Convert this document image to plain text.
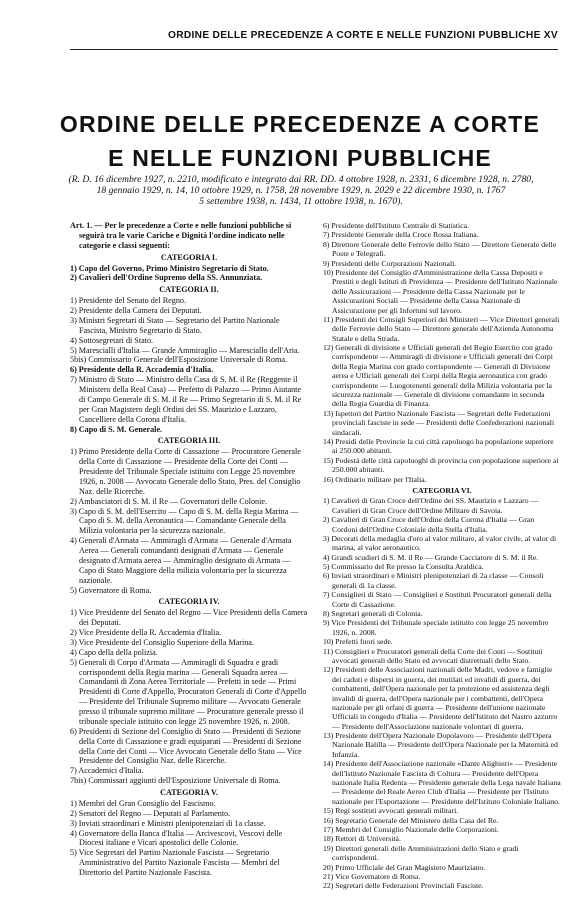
ORDINE DELLE PRECEDENZE A CORTE E NELLE FUNZIONI PUBBLICHE XV
ORDINE DELLE PRECEDENZE A CORTE
E NELLE FUNZIONI PUBBLICHE
(R. D. 16 dicembre 1927, n. 2210, modificato e integrato dai RR. DD. 4 ottobre 1928, n. 2331, 6 dicembre 1928, n. 2780,
18 gennaio 1929, n. 14, 10 ottobre 1929, n. 1758, 28 novembre 1929, n. 2029 e 22 dicembre 1930, n. 1767
5 settembre 1938, n. 1434, 11 ottobre 1938, n. 1670).
Art. 1. — Per le precedenze a Corte e nelle funzioni pubbliche si seguirà tra le varie Cariche e Dignità l'ordine indicato nelle categorie e classi seguenti:
CATEGORIA I.
1) Capo del Governo, Primo Ministro Segretario di Stato.
2) Cavalieri dell'Ordine Supremo della SS. Annunziata.
CATEGORIA II.
1) Presidente del Senato del Regno.
2) Presidente della Camera dei Deputati.
3) Ministri Segretari di Stato — Segretario del Partito Nazionale Fascista, Ministro Segretario di Stato.
4) Sottosegretari di Stato.
5) Marescialli d'Italia — Grande Ammiraglio — Maresciallo dell'Aria.
5bis) Commissario Generale dell'Esposizione Universale di Roma.
6) Presidente della R. Accademia d'Italia.
7) Ministro di Stato — Ministro della Casa di S. M. il Re (Reggente il Ministero della Real Casa) — Prefetto di Palazzo — Primo Aiutante di Campo Generale di S. M. il Re — Primo Segretario di S. M. il Re per Gran Magistero degli Ordini dei SS. Maurizio e Lazzaro, Cancelliere della Corona d'Italia.
8) Capo di S. M. Generale.
CATEGORIA III.
1) Primo Presidente della Corte di Cassazione — Procuratore Generale della Corte di Cassazione — Presidente della Corte dei Conti — Presidente del Tribunale Speciale istituito con Legge 25 novembre 1926, n. 2008 — Avvocato Generale dello Stato, Pres. del Consiglio Naz. delle Ricerche.
2) Ambasciatori di S. M. il Re — Governatori delle Colonie.
3) Capo di S. M. dell'Esercito — Capo di S. M. della Regia Marina — Capo di S. M. della Aeronautica — Comandante Generale della Milizia volontaria per la sicurezza nazionale.
4) Generali d'Armata — Ammiragli d'Armata — Generale d'Armata Aerea — Generali comandanti designati d'Armata — Generale designato d'Armata aerea — Ammiraglio designato di Armata — Capo di Stato Maggiore della milizia volontaria per la sicurezza nazionale.
5) Governatore di Roma.
CATEGORIA IV.
1) Vice Presidente del Senato del Regno — Vice Presidenti della Camera dei Deputati.
2) Vice Presidente della R. Accademia d'Italia.
3) Vice Presidente del Consiglio Superiore della Marina.
4) Capo della della polizia.
5) Generali di Corpo d'Armata — Ammiragli di Squadra e gradi corrispondenti della Regia marina — Generali Squadra aerea — Comandanti di Zona Aerea Territoriale — Prefetti in sede — Primi Presidenti di Corte d'Appello, Procuratori Generali di Corte d'Appello — Presidente del Tribunale Supremo militare — Avvocato Generale presso il tribunale supremo militare — Procuratore generale presso il tribunale speciale istituito con legge 25 novembre 1926, n. 2008.
6) Presidenti di Sezione del Consiglio di Stato — Presidenti di Sezione della Corte di Cassazione e gradi equiparati — Presidenti di Sezione della Corte dei Conti — Vice Avvocato Generale dello Stato — Vice Presidente del Consiglio Naz. delle Ricerche.
7) Accademici d'Italia.
7bis) Commissari aggiunti dell'Esposizione Universale di Roma.
CATEGORIA V.
1) Membri del Gran Consiglio del Fascismo.
2) Senatori del Regno — Deputati al Parlamento.
3) Inviati straordinari e Ministri plenipotenziari di 1a classe.
4) Governatore della Banca d'Italia — Arcivescovi, Vescovi delle Diocesi italiane e Vicari apostolici delle Colonie.
5) Vice Segretari del Partito Nazionale Fascista — Segretario Amministrativo del Partito Nazionale Fascista — Membri del Direttorio del Partito Nazionale Fascista.
6) Presidente dell'Istituto Centrale di Statistica.
7) Presidente Generale della Croce Rossa Italiana.
8) Direttore Generale delle Ferrovie dello Stato — Direttore Generale delle Poste e Telegrafi.
9) Presidenti delle Corporazioni Nazionali.
10) Presidente del Consiglio d'Amministrazione della Cassa Depositi e Prestiti e degli Istituti di Previdenza — Presidente dell'Istituto Nazionale delle Assicurazioni — Presidente della Cassa Nazionale per le Assicurazioni Sociali — Presidente della Cassa Nazionale di Assicurazione per gli Infortuni sul lavoro.
11) Presidenti dei Consigli Superiori dei Ministeri — Vice Direttori generali delle Ferrovie dello Stato — Direttore generale dell'Azienda Autonoma Statale e della Strada.
12) Generali di divisione e Ufficiali generali del Regio Esercito con grado corrispondente — Ammiragli di divisione e Ufficiali generali dei Corpi della Regia Marina con grado corrispondente — Generali di Divisione aerea e Ufficiali generali dei Corpi della Regia aeronautica con grado corrispondente — Luogotenenti generali della Milizia volontaria per la sicurezza nazionale — Generale di divisione comandante in seconda della Regia Guardia di Finanza.
13) Ispettori del Partito Nazionale Fascista — Segretari delle Federazioni provinciali fasciste in sede — Presidenti delle Confederazioni nazionali sindacali.
14) Presidi delle Provincie la cui città capoluogo ha popolazione superiore ai 250.000 abitanti.
15) Podestà delle città capoluoghi di provincia con popolazione superiore ai 250.000 abitanti.
16) Ordinario militare per l'Italia.
CATEGORIA VI.
1) Cavalieri di Gran Croce dell'Ordine dei SS. Maurizio e Lazzaro — Cavalieri di Gran Croce dell'Ordine Militare di Savoia.
2) Cavalieri di Gran Croce dell'Ordine della Corona d'Italia — Gran Cordoni dell'Ordine Coloniale della Stella d'Italia.
3) Decorati della medaglia d'oro al valor militare, al valor civile, al valor di marina, al valor aeronautico.
4) Grandi scudieri di S. M. il Re — Grande Cacciatore di S. M. il Re.
5) Commissario del Re presso la Consulta Araldica.
6) Inviati straordinari e Ministri plenipotenziari di 2a classe — Consoli generali di 1a classe.
7) Consiglieri di Stato — Consiglieri e Sostituti Procuratori generali della Corte di Cassazione.
8) Segretari generali di Colonia.
9) Vice Presidenti del Tribunale speciale istituito con legge 25 novembre 1926, n. 2008.
10) Prefetti fuori sede.
11) Consiglieri e Procuratori generali della Corte dei Conti — Sostituti avvocati generali dello Stato ed avvocati distrettuali dello Stato.
12) Presidenti delle Associazioni nazionali delle Madri, vedove e famiglie dei caduti e dispersi in guerra, dei mutilati ed invalidi di guerra, dei combattenti, dell'Opera nazionale per la protezione ed assistenza degli invalidi di guerra, dell'Opera nazionale per i combattenti, dell'Opera nazionale per gli orfani di guerra — Presidente dell'unione nazionale Ufficiali in congedo d'Italia — Presidente dell'Istituto del Nastro azzurro — Presidente dell'Associazione nazionale volontari di guerra.
13) Presidente dell'Opera Nazionale Dopolavoro — Presidente dell'Opera Nazionale Balilla — Presidente dell'Opera Nazionale per la Maternità ed Infanzia.
14) Presidente dell'Associazione nazionale «Dante Alighieri» — Presidente dell'Istituto Nazionale Fascista di Coltura — Presidente dell'Opera nazionale Italia Redenta — Presidente generale della Lega navale Italiana — Presidente del Reale Aereo Club d'Italia — Presidente per l'Istituto nazionale per l'Esportazione — Presidente dell'Istituto Coloniale Italiano.
15) Regi sostituti avvocati generali militari.
16) Segretario Generale del Ministero della Casa del Re.
17) Membri del Consiglio Nazionale delle Corporazioni.
18) Rettori di Università.
19) Direttori generali delle Amministrazioni dello Stato e gradi corrispondenti.
20) Primo Ufficiale del Gran Magistero Mauriziano.
21) Vice Governatore di Roma.
22) Segretari delle Federazioni Provinciali Fasciste.
